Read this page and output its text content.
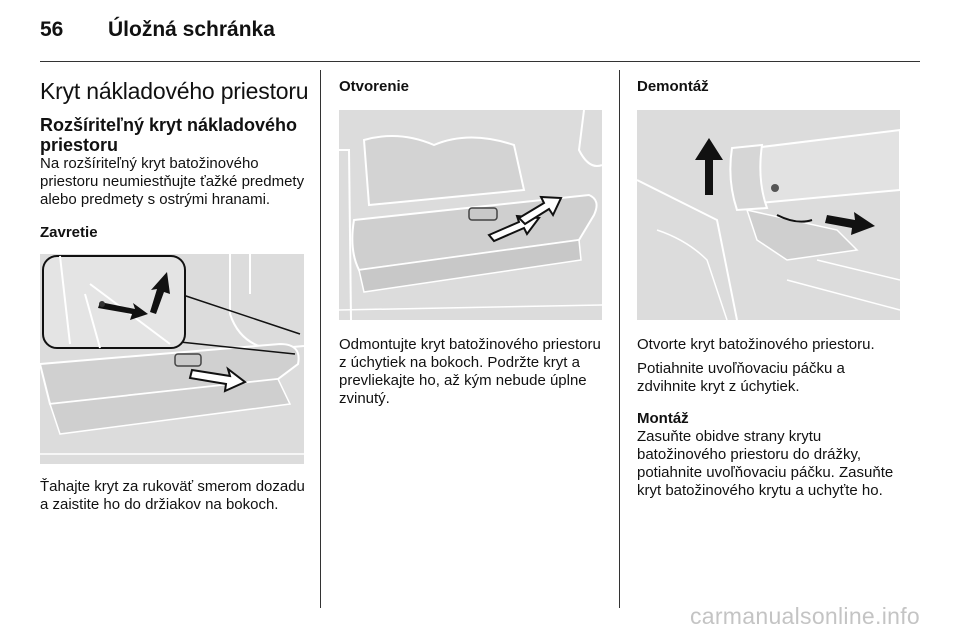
56 Úložná schránka
Kryt nákladového priestoru
Rozšíriteľný kryt nákladového priestoru

Na rozšíriteľný kryt batožinového priestoru neumiestňujte ťažké predmety alebo predmety s ostrými hranami.

Zavretie

Ťahajte kryt za rukoväť smerom dozadu a zaistite ho do držiakov na bokoch.

Otvorenie

Odmontujte kryt batožinového priestoru z úchytiek na bokoch. Podržte kryt a prevliekajte ho, až kým nebude úplne zvinutý.

Demontáž

Otvorte kryt batožinového priestoru.

Potiahnite uvoľňovaciu páčku a zdvihnite kryt z úchytiek.

Montáž

Zasuňte obidve strany krytu batožinového priestoru do drážky, potiahnite uvoľňovaciu páčku. Zasuňte kryt batožinového krytu a uchyťte ho.

carmanualsonline.info
